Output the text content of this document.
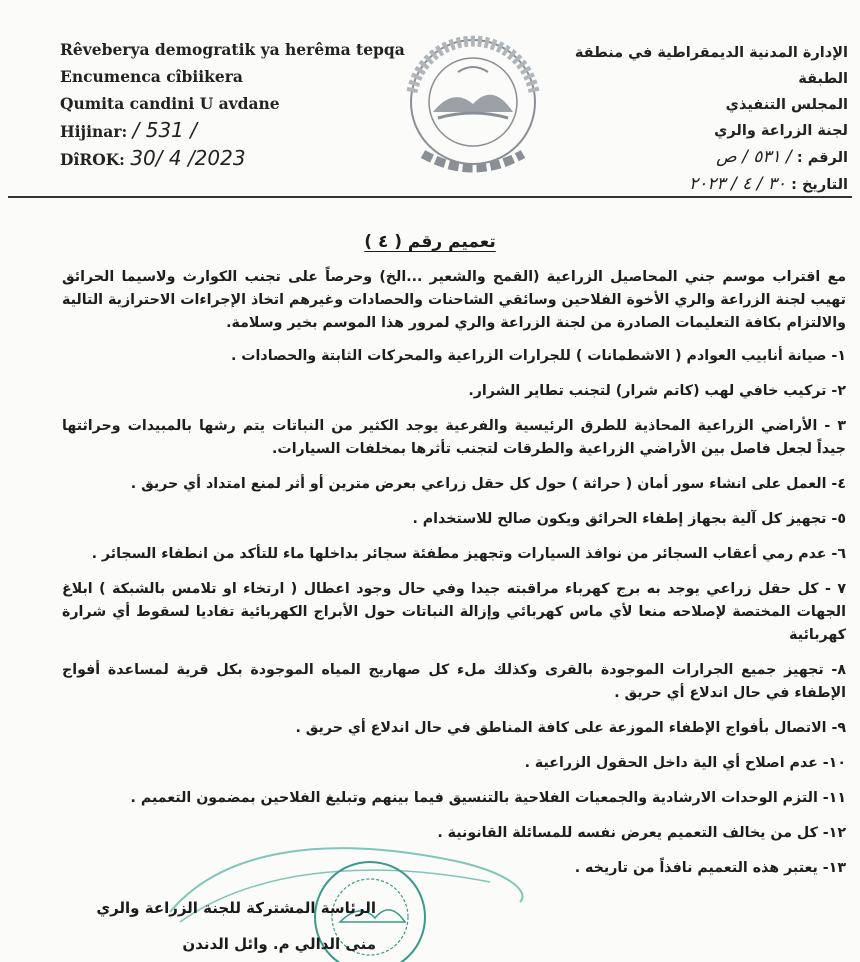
Rêveberya demogratik ya herêma tepqa
Encumenca cîbiikera
Qumita candini U avdane
Hijinar: / 531 /
DîROK: 30/ 4 /2023
الإدارة المدنية الديمقراطية في منطقة الطبقة
المجلس التنفيذي
لجنة الزراعة والري
الرقم : / ٥٣١ / ص
التاريخ : ٣٠ / ٤ / ٢٠٢٣
تعميم رقم ( ٤ )

مع اقتراب موسم جني المحاصيل الزراعية (القمح والشعير ...الخ) وحرصاً على تجنب الكوارث ولاسيما الحرائق تهيب لجنة الزراعة والري الأخوة الفلاحين وسائقي الشاحنات والحصادات وغيرهم اتخاذ الإجراءات الاحترازية التالية والالتزام بكافة التعليمات الصادرة من لجنة الزراعة والري لمرور هذا الموسم بخير وسلامة.

١- صيانة أنابيب العوادم ( الاشطمانات ) للجرارات الزراعية والمحركات الثابتة والحصادات .

٢- تركيب خافي لهب (كاتم شرار) لتجنب تطاير الشرار.

٣ - الأراضي الزراعية المحاذية للطرق الرئيسية والفرعية يوجد الكثير من النباتات يتم رشها بالمبيدات وحراثتها جيداً لجعل فاصل بين الأراضي الزراعية والطرقات لتجنب تأثرها بمخلفات السيارات.

٤- العمل على انشاء سور أمان ( حراثة ) حول كل حقل زراعي بعرض مترين أو أثر لمنع امتداد أي حريق .

٥- تجهيز كل آلية بجهاز إطفاء الحرائق ويكون صالح للاستخدام .

٦- عدم رمي أعقاب السجائر من نوافذ السيارات وتجهيز مطفئة سجائر بداخلها ماء للتأكد من انطفاء السجائر .

٧ - كل حقل زراعي يوجد به برج كهرباء مراقبته جيدا وفي حال وجود اعطال ( ارتخاء او تلامس بالشبكة ) ابلاغ الجهات المختصة لإصلاحه منعا لأي ماس كهربائي وإزالة النباتات حول الأبراج الكهربائية تفاديا لسقوط أي شرارة كهربائية

٨- تجهيز جميع الجرارات الموجودة بالقرى وكذلك ملء كل صهاريج المياه الموجودة بكل قرية لمساعدة أفواج الإطفاء في حال اندلاع أي حريق .

٩- الاتصال بأفواج الإطفاء الموزعة على كافة المناطق في حال اندلاع أي حريق .

١٠- عدم اصلاح أي الية داخل الحقول الزراعية .

١١- التزم الوحدات الارشادية والجمعيات الفلاحية بالتنسيق فيما بينهم وتبليغ الفلاحين بمضمون التعميم .

١٢- كل من يخالف التعميم يعرض نفسه للمسائلة القانونية .

١٣- يعتبر هذه التعميم نافذاً من تاريخه .

الرئاسة المشتركة للجنة الزراعة والري
منى الدالي م. وائل الدندن
